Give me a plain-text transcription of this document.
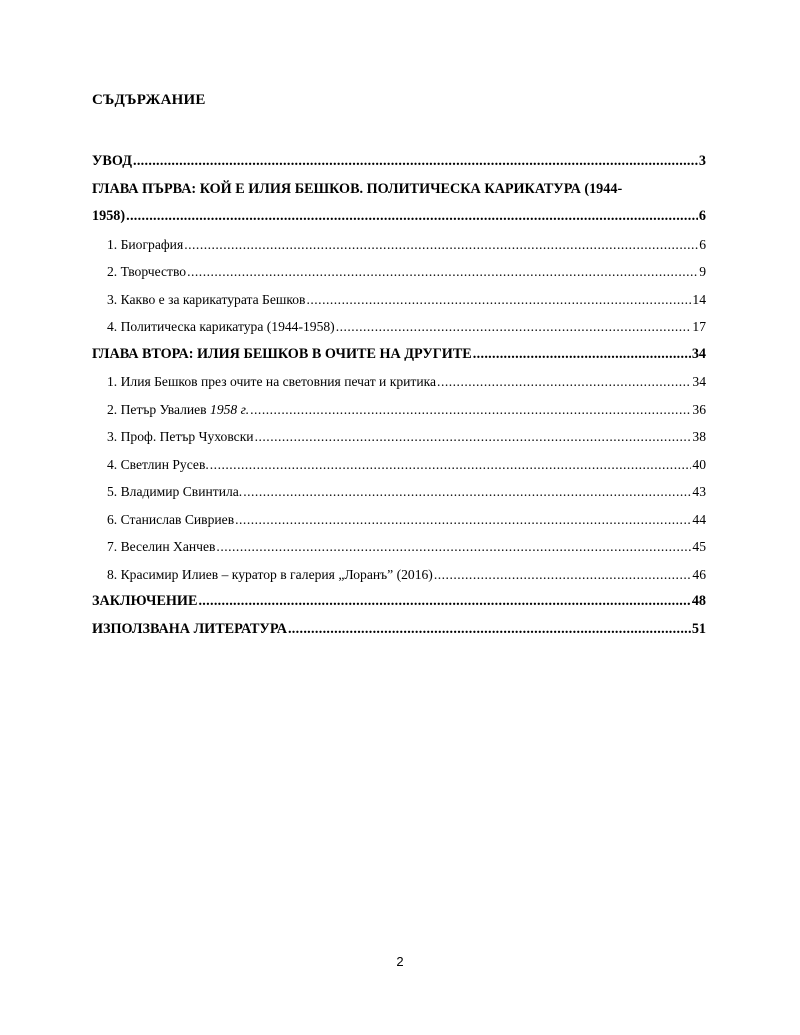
СЪДЪРЖАНИЕ
УВОД .....	3
ГЛАВА ПЪРВА: КОЙ Е ИЛИЯ БЕШКОВ. ПОЛИТИЧЕСКА КАРИКАТУРА (1944-
1958) .....	6
1. Биография .....	6
2. Творчество .....	9
3. Какво е за карикатурата Бешков .....	14
4. Политическа карикатура (1944-1958) .....	17
ГЛАВА ВТОРА: ИЛИЯ БЕШКОВ В ОЧИТЕ НА ДРУГИТЕ .....	34
1. Илия Бешков през очите на световния печат и критика .....	34
2. Петър Увалиев 1958 г. .....	36
3. Проф. Петър Чуховски .....	38
4. Светлин Русев. .....	40
5. Владимир Свинтила. .....	43
6. Станислав Сивриев .....	44
7. Веселин Ханчев .....	45
8. Красимир Илиев – куратор в галерия „Лоранъ” (2016) .....	46
ЗАКЛЮЧЕНИЕ .....	48
ИЗПОЛЗВАНА ЛИТЕРАТУРА .....	51
2
